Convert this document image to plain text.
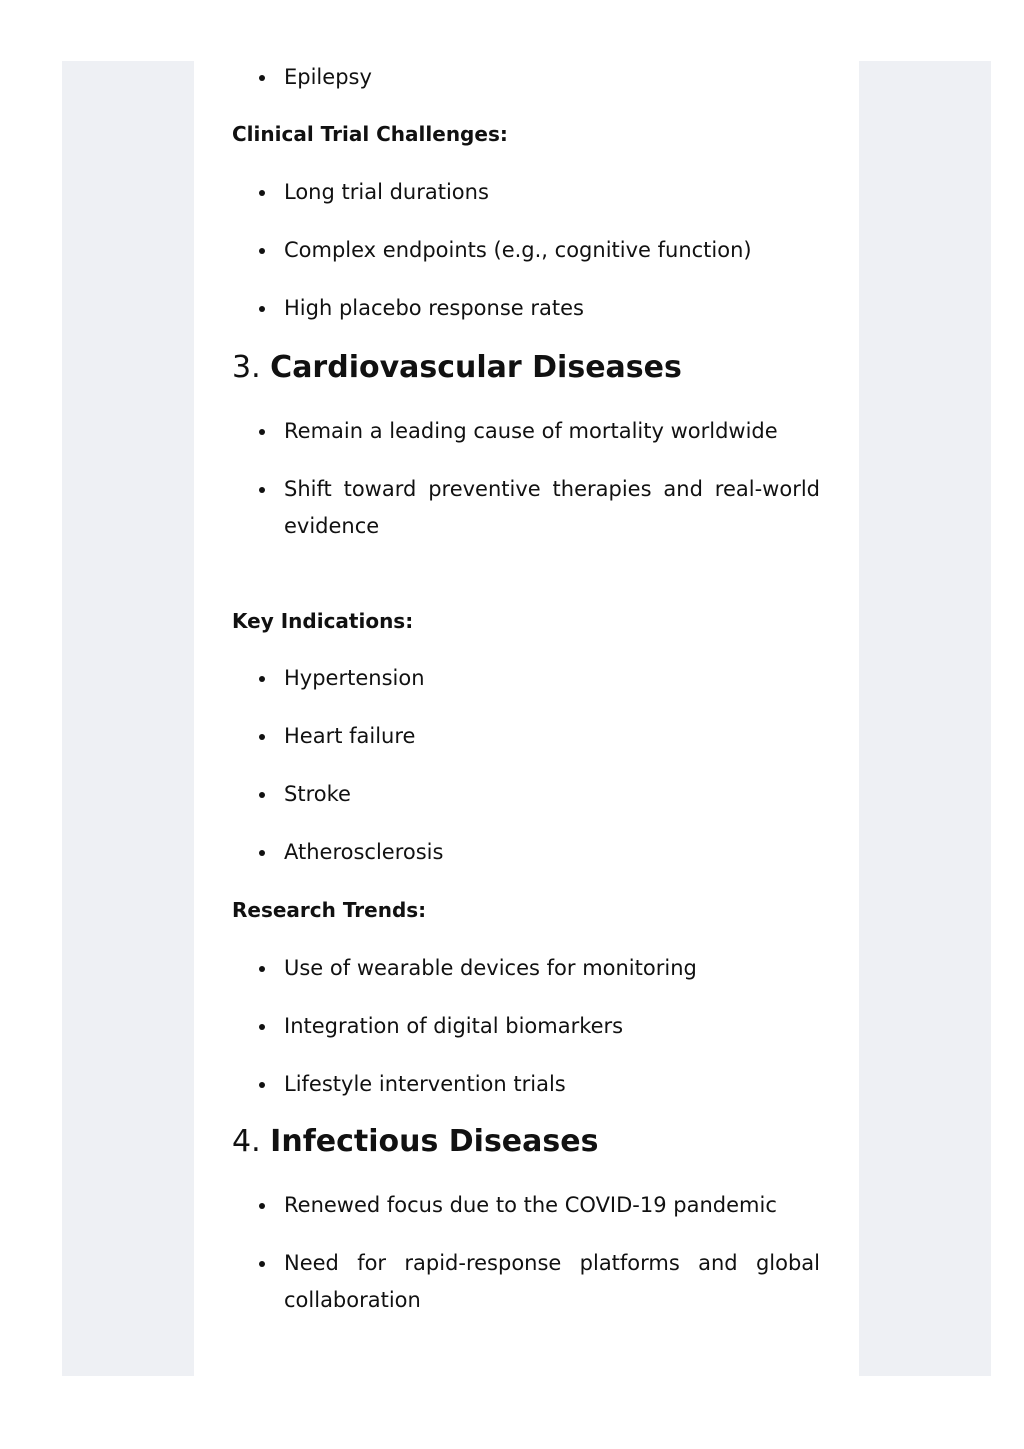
Epilepsy
Clinical Trial Challenges:
Long trial durations
Complex endpoints (e.g., cognitive function)
High placebo response rates
3. Cardiovascular Diseases
Remain a leading cause of mortality worldwide
Shift toward preventive therapies and real-world evidence
Key Indications:
Hypertension
Heart failure
Stroke
Atherosclerosis
Research Trends:
Use of wearable devices for monitoring
Integration of digital biomarkers
Lifestyle intervention trials
4. Infectious Diseases
Renewed focus due to the COVID-19 pandemic
Need for rapid-response platforms and global collaboration
